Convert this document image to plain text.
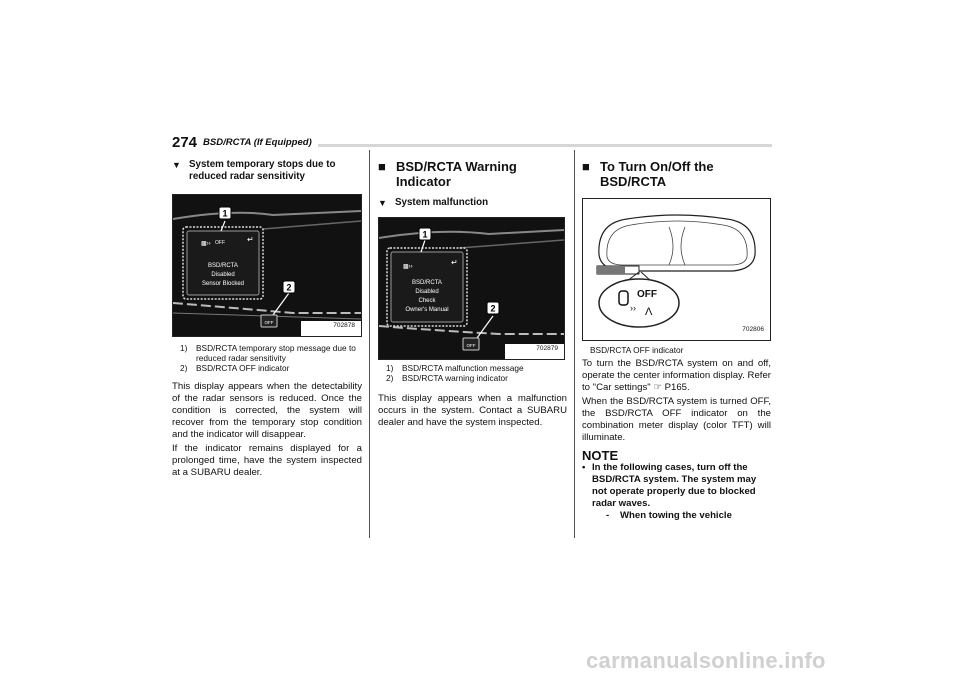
274 BSD/RCTA (If Equipped)
▼ System temporary stops due to reduced radar sensitivity
▩›› OFF	↵
BSD/RCTA
Disabled
Sensor Blocked
1
2
OFF	702878
1)	BSD/RCTA temporary stop message due to reduced radar sensitivity
2)	BSD/RCTA OFF indicator

This display appears when the detectability of the radar sensors is reduced. Once the condition is corrected, the system will recover from the temporary stop condition and the indicator will disappear.

If the indicator remains displayed for a prolonged time, have the system inspected at a SUBARU dealer.

■ BSD/RCTA Warning Indicator
▼ System malfunction
▩››	↵
BSD/RCTA
Disabled
Check
Owner's Manual
1
2
OFF	702879
1)	BSD/RCTA malfunction message
2)	BSD/RCTA warning indicator

This display appears when a malfunction occurs in the system. Contact a SUBARU dealer and have the system inspected.

■ To Turn On/Off the BSD/RCTA
››
OFF
Λ
702806
BSD/RCTA OFF indicator

To turn the BSD/RCTA system on and off, operate the center information display. Refer to "Car settings" ☞ P165.

When the BSD/RCTA system is turned OFF, the BSD/RCTA OFF indicator on the combination meter display (color TFT) will illuminate.

NOTE
• In the following cases, turn off the BSD/RCTA system. The system may not operate properly due to blocked radar waves.
-	When towing the vehicle
carmanualsonline.info
